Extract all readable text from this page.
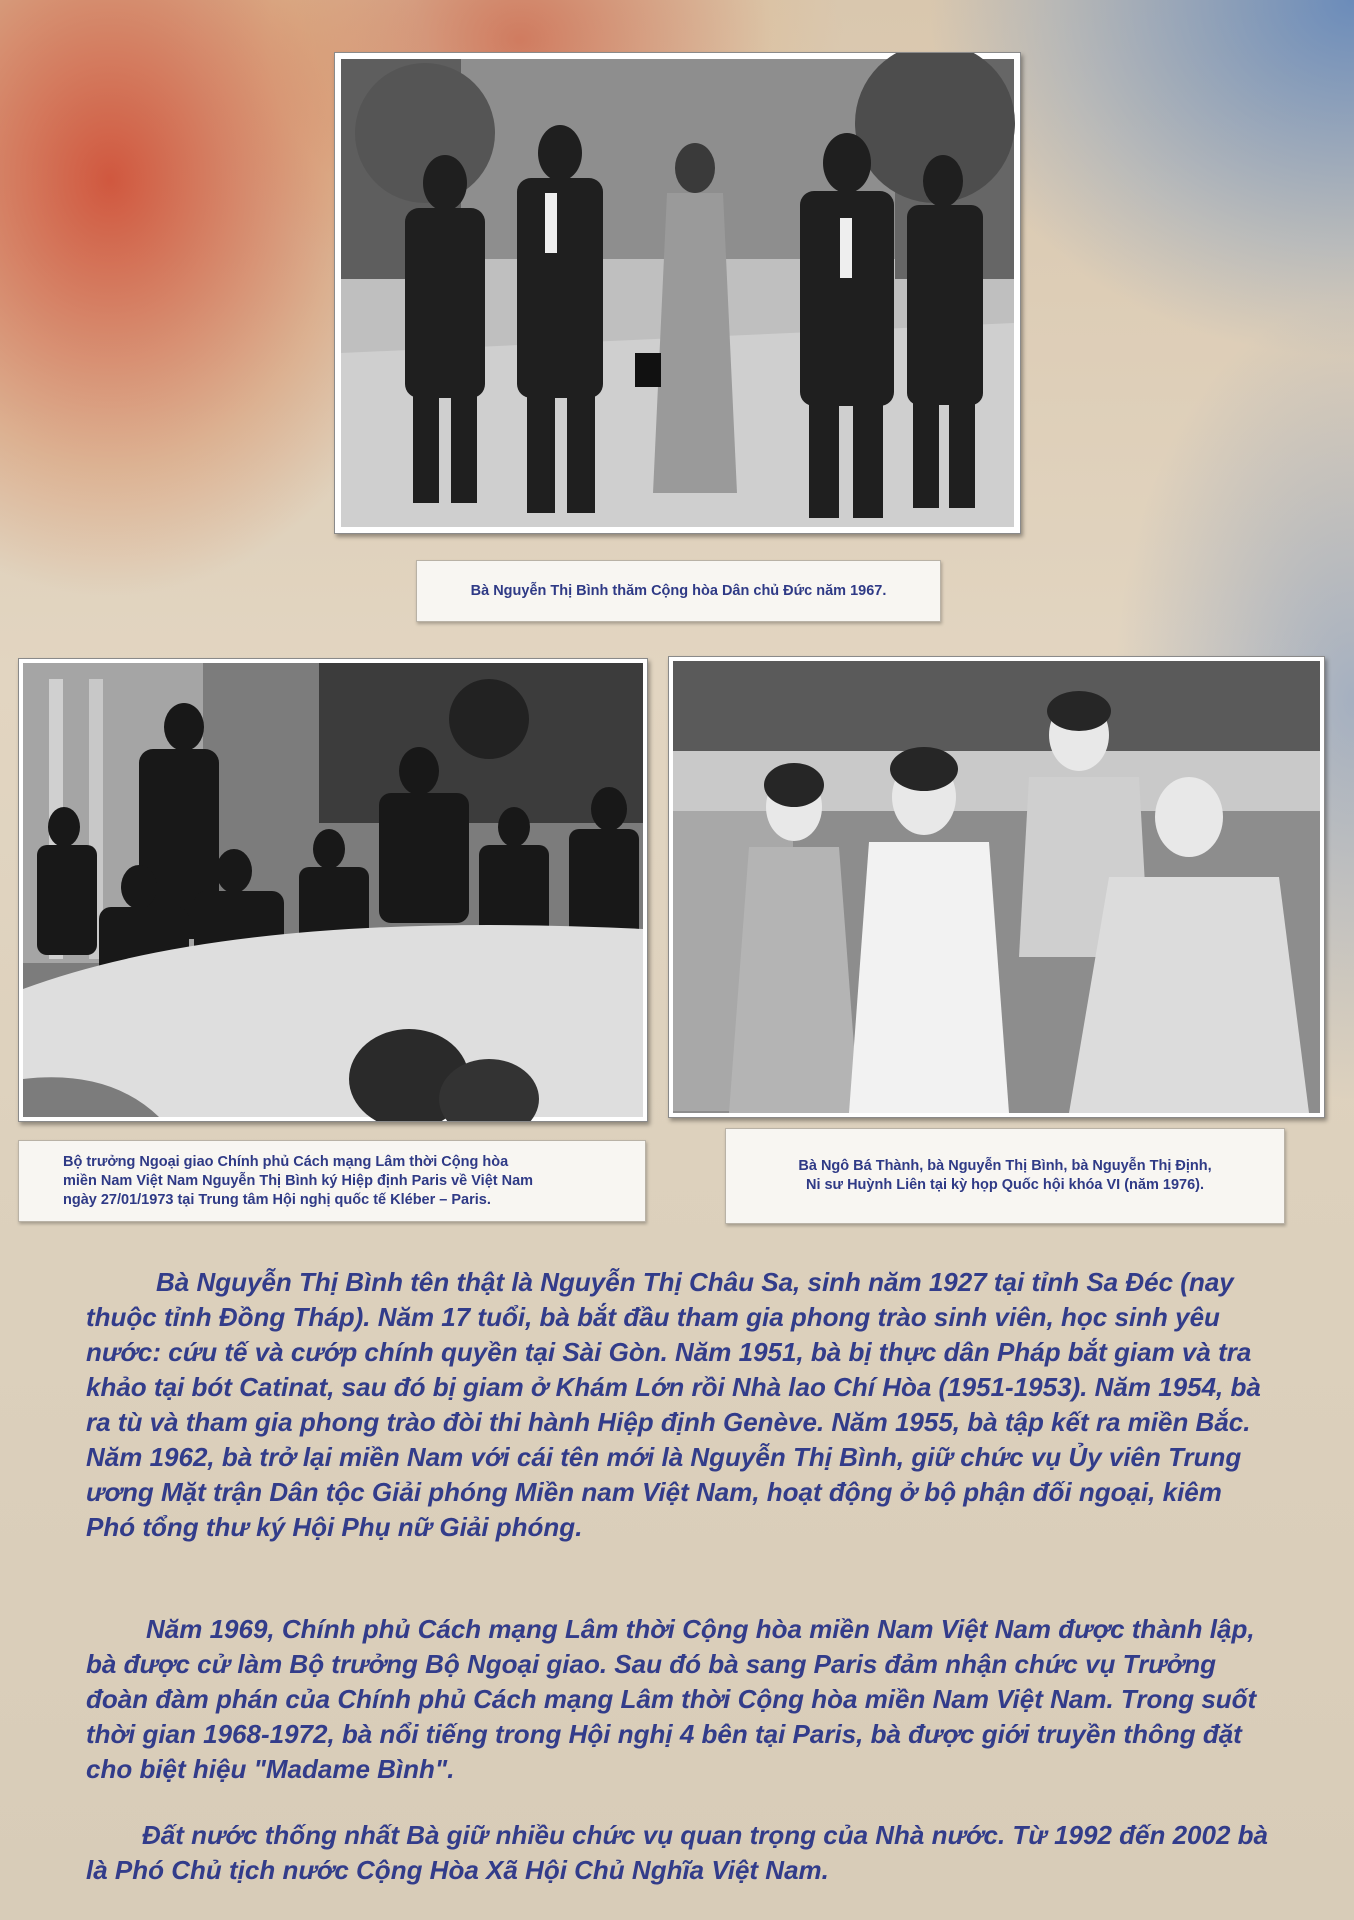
Bà Nguyễn Thị Bình thăm Cộng hòa Dân chủ Đức năm 1967.
Bộ trưởng Ngoại giao Chính phủ Cách mạng Lâm thời Cộng hòa
miền Nam Việt Nam Nguyễn Thị Bình ký Hiệp định Paris về Việt Nam
ngày 27/01/1973 tại Trung tâm Hội nghị quốc tế Kléber – Paris.
Bà Ngô Bá Thành, bà Nguyễn Thị Bình, bà Nguyễn Thị Định,
Ni sư Huỳnh Liên tại kỳ họp Quốc hội khóa VI (năm 1976).

Bà Nguyễn Thị Bình tên thật là Nguyễn Thị Châu Sa, sinh năm 1927 tại tỉnh Sa Đéc (nay thuộc tỉnh Đồng Tháp). Năm 17 tuổi, bà bắt đầu tham gia phong trào sinh viên, học sinh yêu nước: cứu tế và cướp chính quyền tại Sài Gòn. Năm 1951, bà bị thực dân Pháp bắt giam và tra khảo tại bót Catinat, sau đó bị giam ở Khám Lớn rồi Nhà lao Chí Hòa (1951-1953). Năm 1954, bà ra tù và tham gia phong trào đòi thi hành Hiệp định Genève. Năm 1955, bà tập kết ra miền Bắc. Năm 1962, bà trở lại miền Nam với cái tên mới là Nguyễn Thị Bình, giữ chức vụ Ủy viên Trung ương Mặt trận Dân tộc Giải phóng Miền nam Việt Nam, hoạt động ở bộ phận đối ngoại, kiêm Phó tổng thư ký Hội Phụ nữ Giải phóng.

Năm 1969, Chính phủ Cách mạng Lâm thời Cộng hòa miền Nam Việt Nam được thành lập, bà được cử làm Bộ trưởng Bộ Ngoại giao. Sau đó bà sang Paris đảm nhận chức vụ Trưởng đoàn đàm phán của Chính phủ Cách mạng Lâm thời Cộng hòa miền Nam Việt Nam. Trong suốt thời gian 1968-1972, bà nổi tiếng trong Hội nghị 4 bên tại Paris, bà được giới truyền thông đặt cho biệt hiệu "Madame Bình".

Đất nước thống nhất Bà giữ nhiều chức vụ quan trọng của Nhà nước. Từ 1992 đến 2002 bà là Phó Chủ tịch nước Cộng Hòa Xã Hội Chủ Nghĩa Việt Nam.
